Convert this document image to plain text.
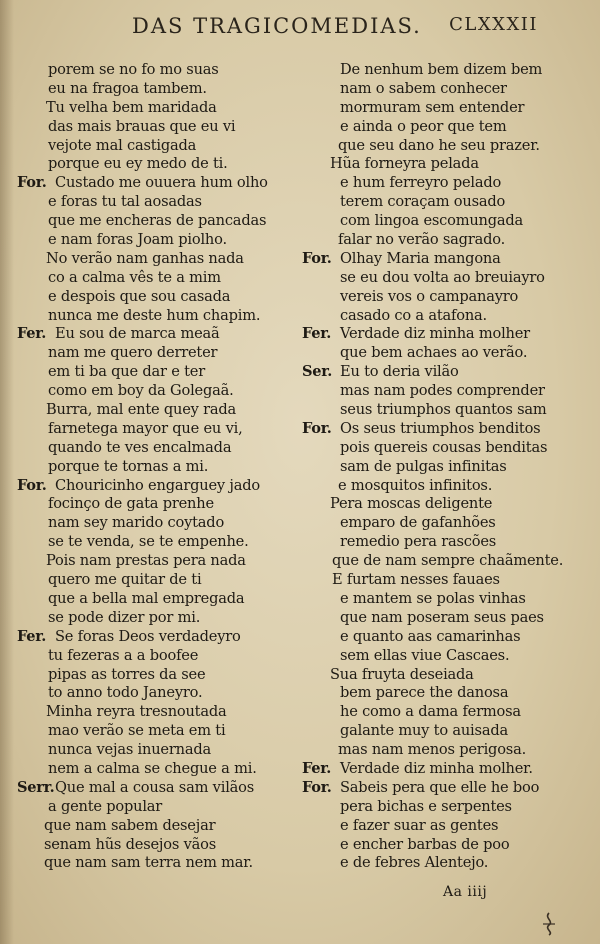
DAS TRAGICOMEDIAS. CLXXXII
porem se no fo mo suas
eu na fragoa tambem.
Tu velha bem maridada
das mais brauas que eu vi
vejote mal castigada
porque eu ey medo de ti.
For. Custado me ouuera hum olho
e foras tu tal aosadas
que me encheras de pancadas
e nam foras Joam piolho.
No verão nam ganhas nada
co a calma vês te a mim
e despois que sou casada
nunca me deste hum chapim.
Fer. Eu sou de marca meaã
nam me quero derreter
em ti ba que dar e ter
como em boy da Golegaã.
Burra, mal ente quey rada
farnetega mayor que eu vi,
quando te ves encalmada
porque te tornas a mi.
For. Chouricinho engarguey jado
focinço de gata prenhe
nam sey marido coytado
se te venda, se te empenhe.
Pois nam prestas pera nada
quero me quitar de ti
que a bella mal empregada
se pode dizer por mi.
Fer. Se foras Deos verdadeyro
tu fezeras a a boofee
pipas as torres da see
to anno todo Janeyro.
Minha reyra tresnoutada
mao verão se meta em ti
nunca vejas inuernada
nem a calma se chegue a mi.
Serr. Que mal a cousa sam vilãos
a gente popular
que nam sabem desejar
senam hũs desejos vãos
que nam sam terra nem mar.
De nenhum bem dizem bem
nam o sabem conhecer
mormuram sem entender
e ainda o peor que tem
que seu dano he seu prazer.
Hũa forneyra pelada
e hum ferreyro pelado
terem coraçam ousado
com lingoa escomungada
falar no verão sagrado.
For. Olhay Maria mangona
se eu dou volta ao breuiayro
vereis vos o campanayro
casado co a atafona.
Fer. Verdade diz minha molher
que bem achaes ao verão.
Ser. Eu to deria vilão
mas nam podes comprender
seus triumphos quantos sam
For. Os seus triumphos benditos
pois quereis cousas benditas
sam de pulgas infinitas
e mosquitos infinitos.
Pera moscas deligente
emparo de gafanhões
remedio pera rascões
que de nam sempre chaãmente.
E furtam nesses fauaes
e mantem se polas vinhas
que nam poseram seus paes
e quanto aas camarinhas
sem ellas viue Cascaes.
Sua fruyta deseiada
bem parece the danosa
he como a dama fermosa
galante muy to auisada
mas nam menos perigosa.
Fer. Verdade diz minha molher.
For. Sabeis pera que elle he boo
pera bichas e serpentes
e fazer suar as gentes
e encher barbas de poo
e de febres Alentejo.
Aa iiij
